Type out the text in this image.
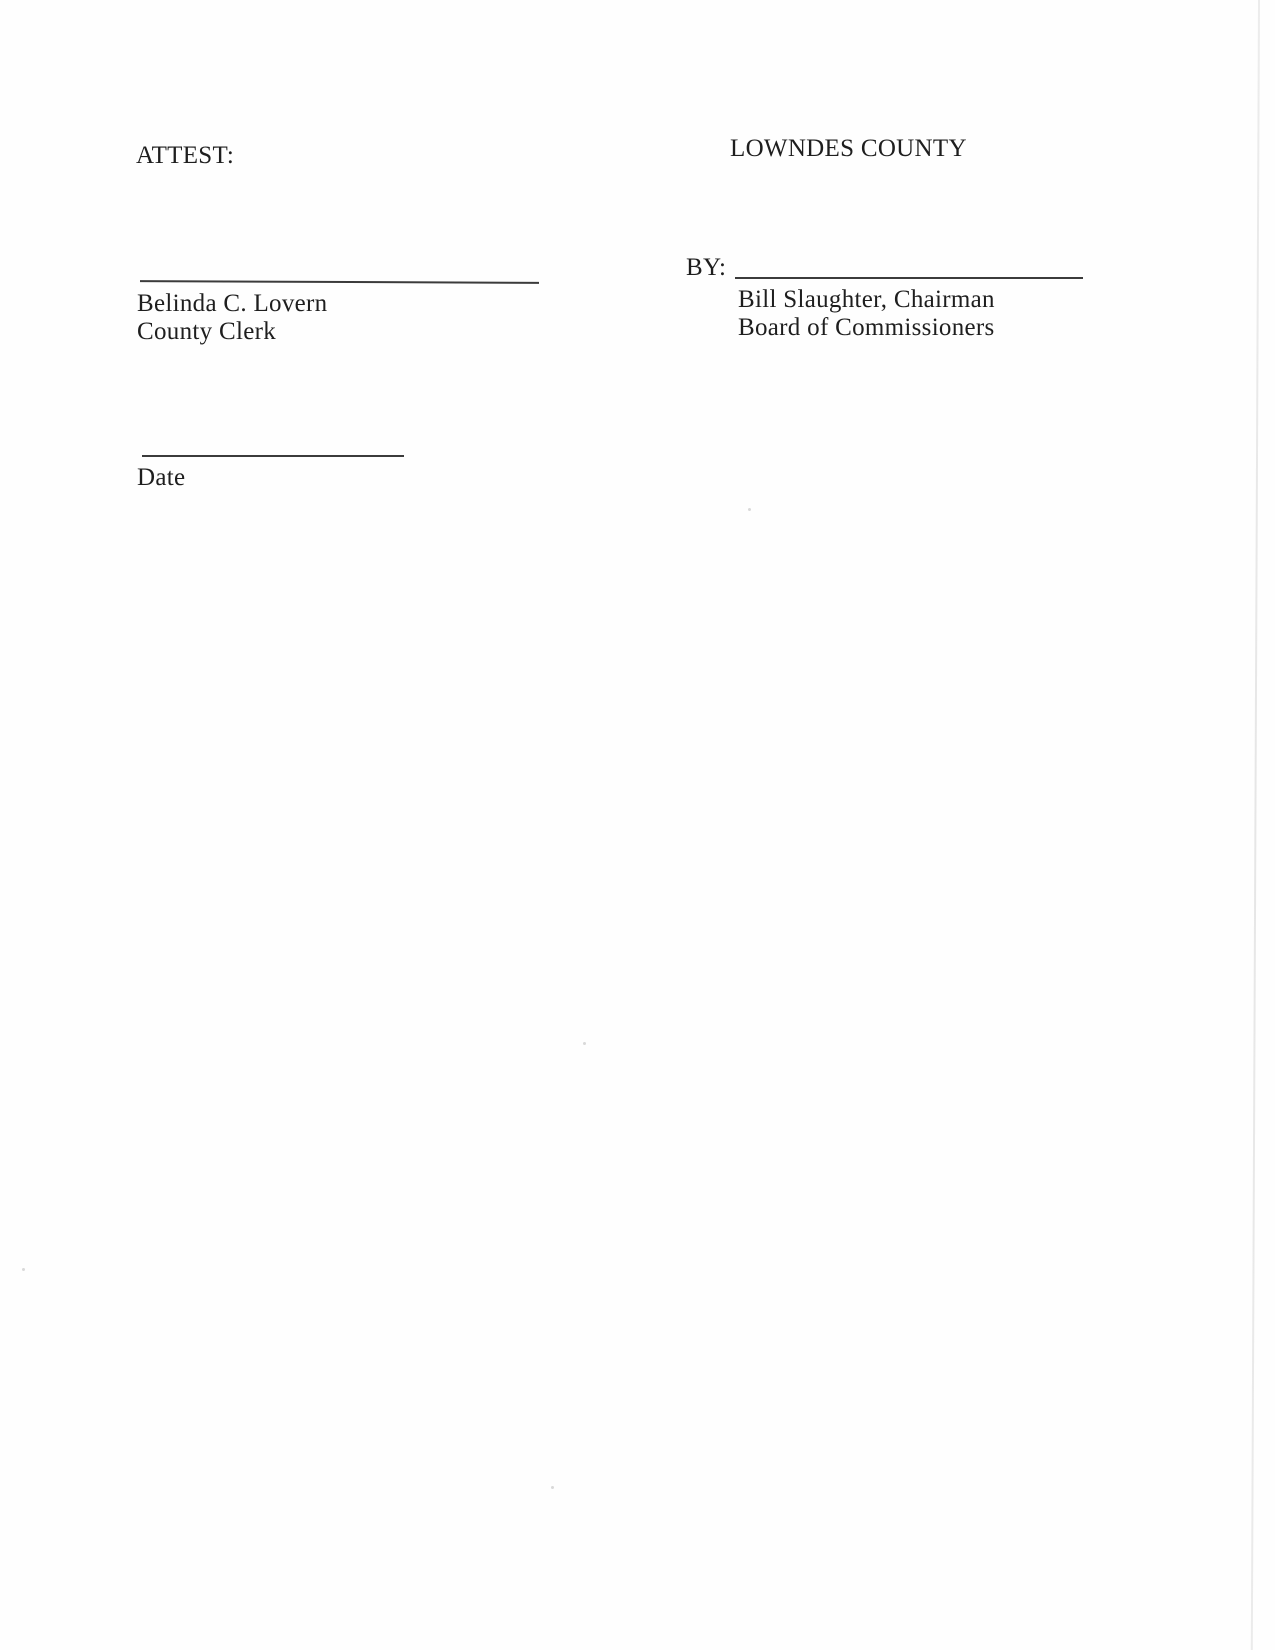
ATTEST:	LOWNDES COUNTY
Belinda C. Lovern
County Clerk
BY:
Bill Slaughter, Chairman
Board of Commissioners
Date
